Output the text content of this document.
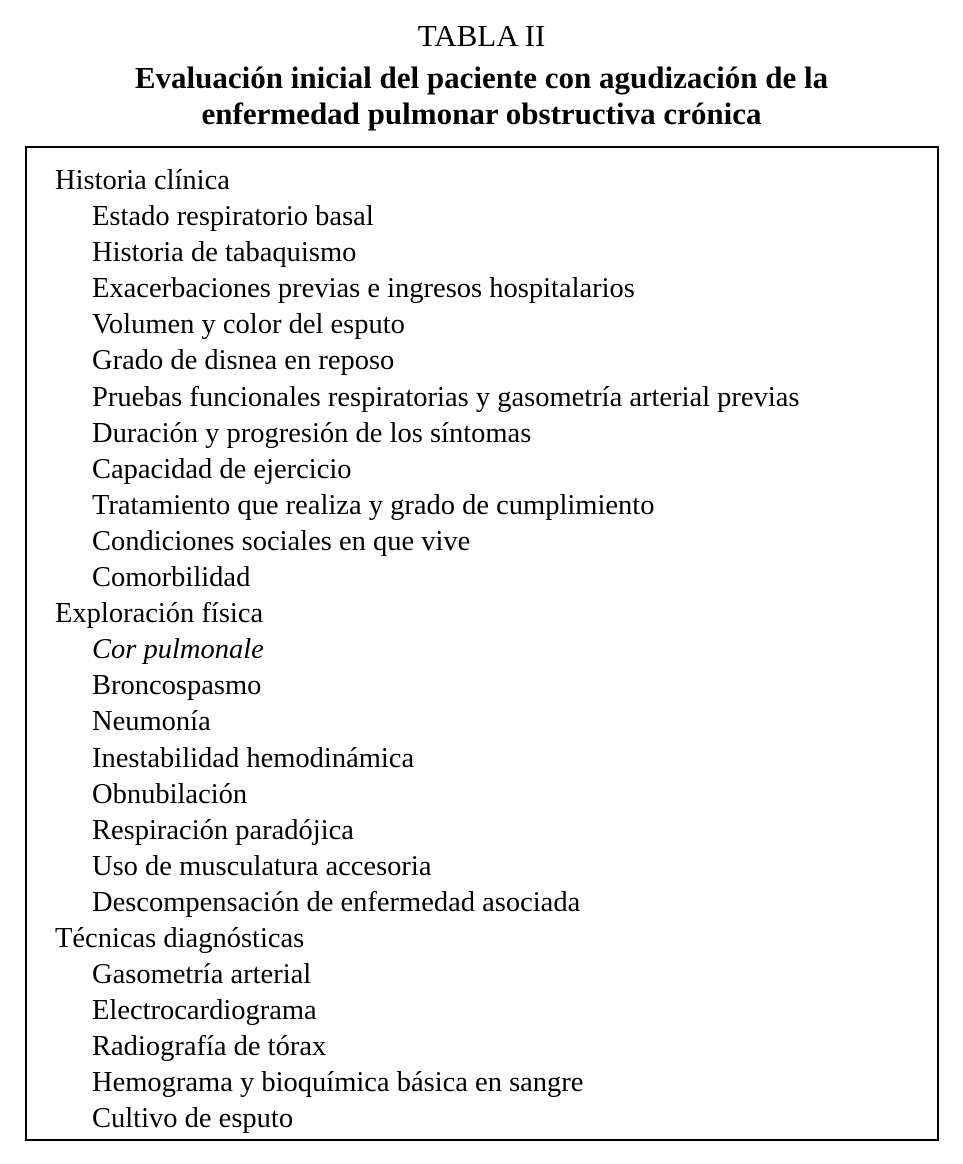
TABLA II
Evaluación inicial del paciente con agudización de la
enfermedad pulmonar obstructiva crónica
Historia clínica
Estado respiratorio basal
Historia de tabaquismo
Exacerbaciones previas e ingresos hospitalarios
Volumen y color del esputo
Grado de disnea en reposo
Pruebas funcionales respiratorias y gasometría arterial previas
Duración y progresión de los síntomas
Capacidad de ejercicio
Tratamiento que realiza y grado de cumplimiento
Condiciones sociales en que vive
Comorbilidad
Exploración física
Cor pulmonale
Broncospasmo
Neumonía
Inestabilidad hemodinámica
Obnubilación
Respiración paradójica
Uso de musculatura accesoria
Descompensación de enfermedad asociada
Técnicas diagnósticas
Gasometría arterial
Electrocardiograma
Radiografía de tórax
Hemograma y bioquímica básica en sangre
Cultivo de esputo
